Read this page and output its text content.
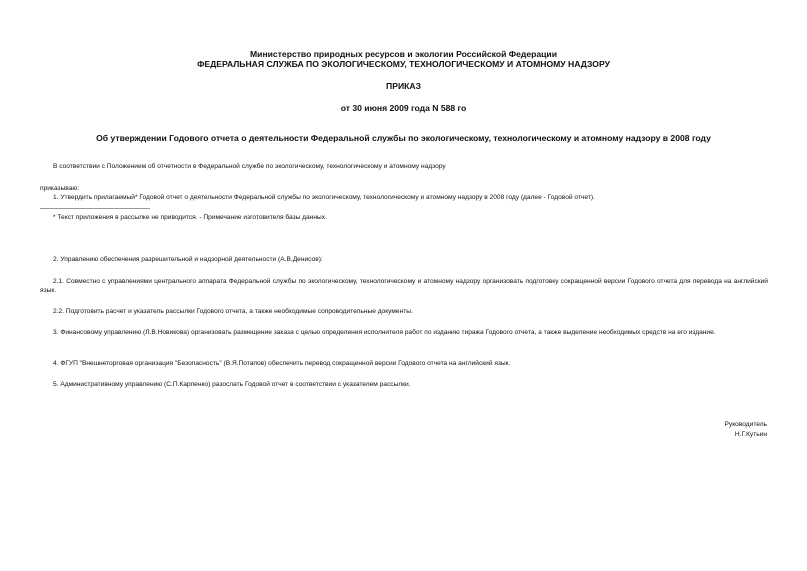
Министерство природных ресурсов и экологии Российской Федерации
ФЕДЕРАЛЬНАЯ СЛУЖБА ПО ЭКОЛОГИЧЕСКОМУ, ТЕХНОЛОГИЧЕСКОМУ И АТОМНОМУ НАДЗОРУ
ПРИКАЗ
от 30 июня 2009 года N 588 го
Об утверждении Годового отчета о деятельности Федеральной службы по экологическому, технологическому и атомному надзору в 2008 году
В соответствии с Положением об отчетности в Федеральной службе по экологическому, технологическому и атомному надзору
приказываю:
1. Утвердить прилагаемый* Годовой отчет о деятельности Федеральной службы по экологическому, технологическому и атомному надзору в 2008 году (далее - Годовой отчет).
* Текст приложения в рассылке не приводится. - Примечание изготовителя базы данных.
2. Управлению обеспечения разрешительной и надзорной деятельности (А.В.Денисов):
2.1. Совместно с управлениями центрального аппарата Федеральной службы по экологическому, технологическому и атомному надзору организовать подготовку сокращенной версии Годового отчета для перевода на английский язык.
2.2. Подготовить расчет и указатель рассылки Годового отчета, а также необходимые сопроводительные документы.
3. Финансовому управлению (Л.В.Новикова) организовать размещение заказа с целью определения исполнителя работ по изданию тиража Годового отчета, а также выделение необходимых средств на его издание.
4. ФГУП "Внешнеторговая организация "Безопасность" (В.Я.Потапов) обеспечить перевод сокращенной версии Годового отчета на английский язык.
5. Административному управлению (С.П.Карпенко) разослать Годовой отчет в соответствии с указателем рассылки.
Руководитель
Н.Г.Кутьин
